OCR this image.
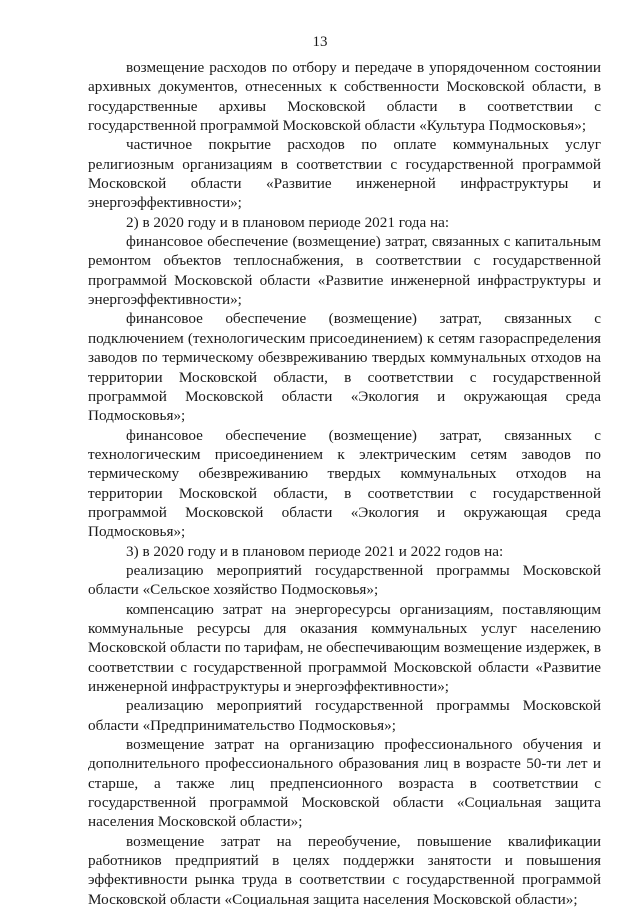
13

возмещение расходов по отбору и передаче в упорядоченном состоянии архивных документов, отнесенных к собственности Московской области, в государственные архивы Московской области в соответствии с государственной программой Московской области «Культура Подмосковья»;

частичное покрытие расходов по оплате коммунальных услуг религиозным организациям в соответствии с государственной программой Московской области «Развитие инженерной инфраструктуры и энергоэффективности»;

2) в 2020 году и в плановом периоде 2021 года на:

финансовое обеспечение (возмещение) затрат, связанных с капитальным ремонтом объектов теплоснабжения, в соответствии с государственной программой Московской области «Развитие инженерной инфраструктуры и энергоэффективности»;

финансовое обеспечение (возмещение) затрат, связанных с подключением (технологическим присоединением) к сетям газораспределения заводов по термическому обезвреживанию твердых коммунальных отходов на территории Московской области, в соответствии с государственной программой Московской области «Экология и окружающая среда Подмосковья»;

финансовое обеспечение (возмещение) затрат, связанных с технологическим присоединением к электрическим сетям заводов по термическому обезвреживанию твердых коммунальных отходов на территории Московской области, в соответствии с государственной программой Московской области «Экология и окружающая среда Подмосковья»;

3) в 2020 году и в плановом периоде 2021 и 2022 годов на:

реализацию мероприятий государственной программы Московской области «Сельское хозяйство Подмосковья»;

компенсацию затрат на энергоресурсы организациям, поставляющим коммунальные ресурсы для оказания коммунальных услуг населению Московской области по тарифам, не обеспечивающим возмещение издержек, в соответствии с государственной программой Московской области «Развитие инженерной инфраструктуры и энергоэффективности»;

реализацию мероприятий государственной программы Московской области «Предпринимательство Подмосковья»;

возмещение затрат на организацию профессионального обучения и дополнительного профессионального образования лиц в возрасте 50-ти лет и старше, а также лиц предпенсионного возраста в соответствии с государственной программой Московской области «Социальная защита населения Московской области»;

возмещение затрат на переобучение, повышение квалификации работников предприятий в целях поддержки занятости и повышения эффективности рынка труда в соответствии с государственной программой Московской области «Социальная защита населения Московской области»;
